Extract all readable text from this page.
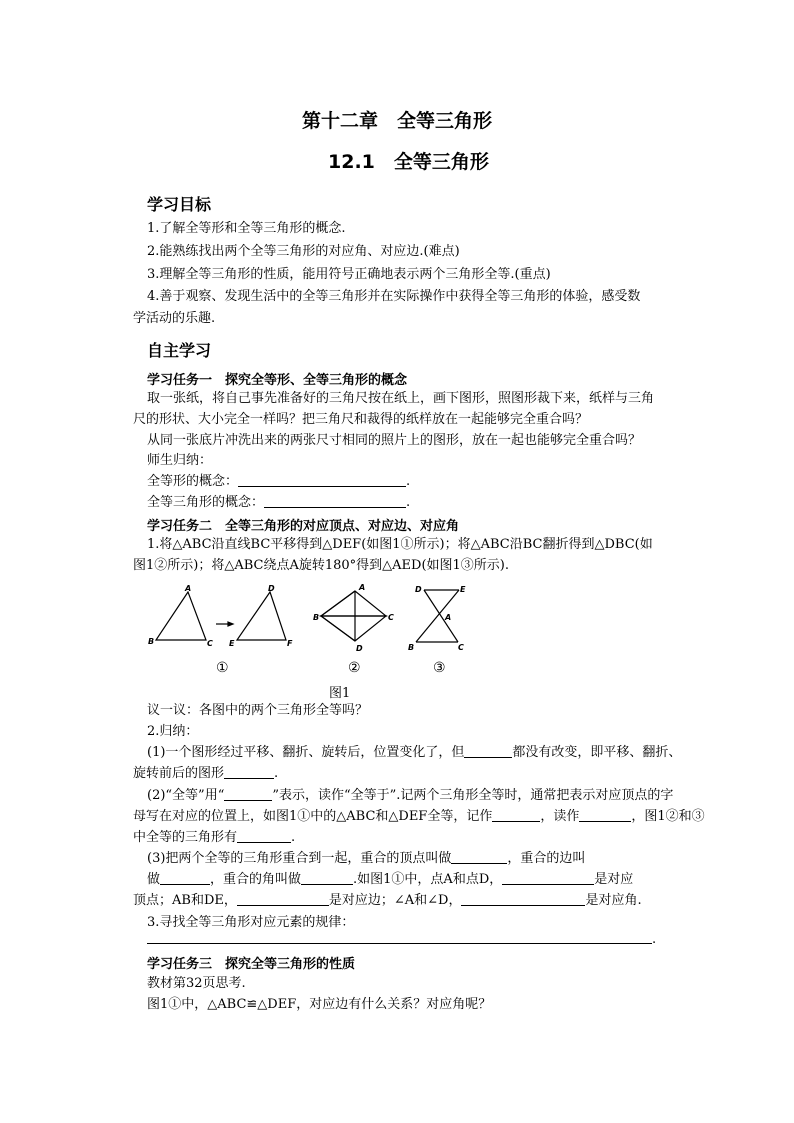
第十二章　全等三角形
12.1　全等三角形
学习目标
1.了解全等形和全等三角形的概念.
2.能熟练找出两个全等三角形的对应角、对应边.(难点)
3.理解全等三角形的性质，能用符号正确地表示两个三角形全等.(重点)
4.善于观察、发现生活中的全等三角形并在实际操作中获得全等三角形的体验，感受数
学活动的乐趣.
自主学习
学习任务一　探究全等形、全等三角形的概念
取一张纸，将自己事先准备好的三角尺按在纸上，画下图形，照图形裁下来，纸样与三角
尺的形状、大小完全一样吗？把三角尺和裁得的纸样放在一起能够完全重合吗？
从同一张底片冲洗出来的两张尺寸相同的照片上的图形，放在一起也能够完全重合吗？
师生归纳：
全等形的概念：	.
全等三角形的概念：	.
学习任务二　全等三角形的对应顶点、对应边、对应角
1.将△ABC沿直线BC平移得到△DEF(如图1①所示)；将△ABC沿BC翻折得到△DBC(如
图1②所示)；将△ABC绕点A旋转180°得到△AED(如图1③所示).
A
B	C
D
E	F
A
B	C
D
D	E
A
B	C
①	②	③
图1
议一议：各图中的两个三角形全等吗？
2.归纳：
(1)一个图形经过平移、翻折、旋转后，位置变化了，但	都没有改变，即平移、翻折、
旋转前后的图形	.
(2)“全等”用“	”表示，读作“全等于”.记两个三角形全等时，通常把表示对应顶点的字
母写在对应的位置上，如图1①中的△ABC和△DEF全等，记作	，读作	，图1②和③
中全等的三角形有	.
(3)把两个全等的三角形重合到一起，重合的顶点叫做	，重合的边叫
做	，重合的角叫做	.如图1①中，点A和点D，	是对应
顶点；AB和DE，	是对应边；∠A和∠D，	是对应角.
3.寻找全等三角形对应元素的规律：
.
学习任务三　探究全等三角形的性质
教材第32页思考.
图1①中，△ABC≌△DEF，对应边有什么关系？对应角呢？
